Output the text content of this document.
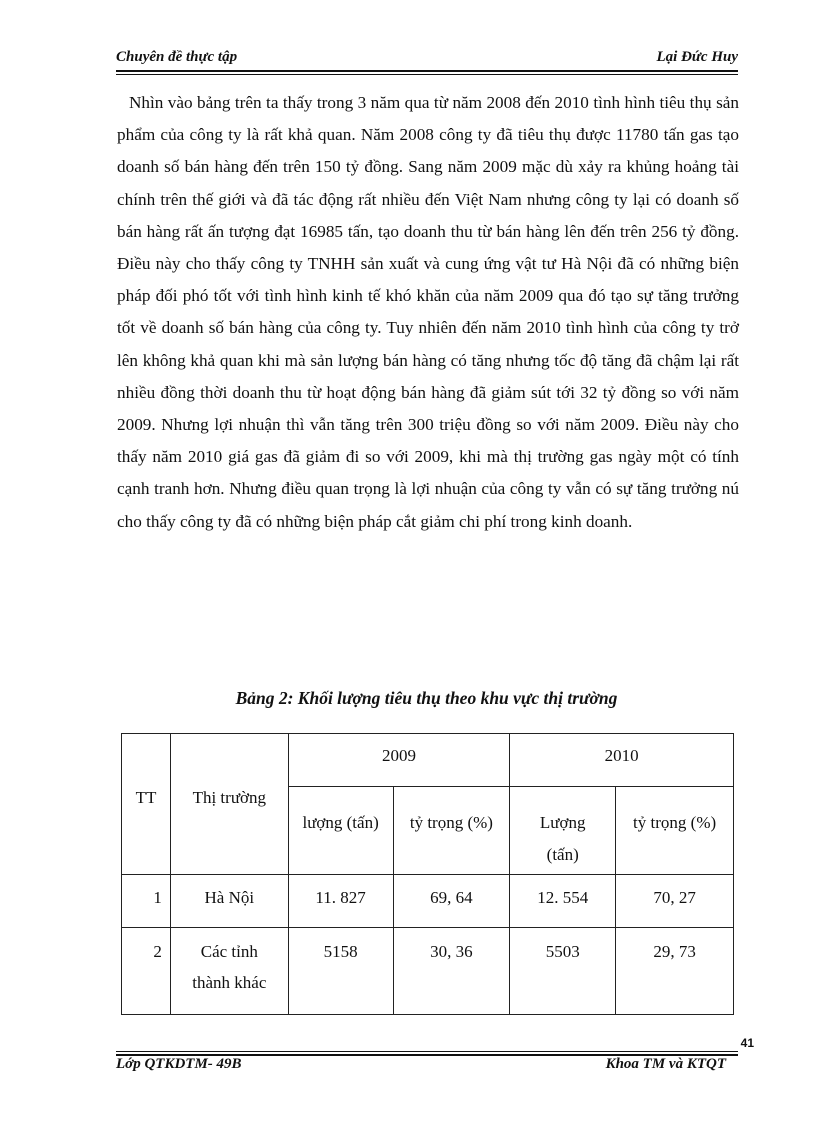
Chuyên đề thực tập	Lại Đức Huy

Nhìn vào bảng trên ta thấy trong 3 năm qua từ năm 2008 đến 2010 tình hình tiêu thụ sản phẩm của công ty là rất khả quan. Năm 2008 công ty đã tiêu thụ được 11780 tấn gas tạo doanh số bán hàng đến trên 150 tỷ đồng. Sang năm 2009 mặc dù xảy ra khủng hoảng tài chính trên thế giới và đã tác động rất nhiều đến Việt Nam nhưng công ty lại có doanh số bán hàng rất ấn tượng đạt 16985 tấn, tạo doanh thu từ bán hàng lên đến trên 256 tỷ đồng. Điều này cho thấy công ty TNHH sản xuất và cung ứng vật tư Hà Nội đã có những biện pháp đối phó tốt với tình hình kinh tế khó khăn của năm 2009 qua đó tạo sự tăng trưởng tốt về doanh số bán hàng của công ty. Tuy nhiên đến năm 2010 tình hình của công ty trở lên không khả quan khi mà sản lượng bán hàng có tăng nhưng tốc độ tăng đã chậm lại rất nhiều đồng thời doanh thu từ hoạt động bán hàng đã giảm sút tới 32 tỷ đồng so với năm 2009. Nhưng lợi nhuận thì vẫn tăng trên 300 triệu đồng so với năm 2009. Điều này cho thấy năm 2010 giá gas đã giảm đi so với 2009, khi mà thị trường gas ngày một có tính cạnh tranh hơn. Nhưng điều quan trọng là lợi nhuận của công ty vẫn có sự tăng trưởng nú cho thấy công ty đã có những biện pháp cắt giảm chi phí trong kinh doanh.

Bảng 2: Khối lượng tiêu thụ theo khu vực thị trường

TT	Thị trường	2009		2010	
		lượng (tấn)	tỷ trọng (%)	Lượng (tấn)	tỷ trọng (%)
1	Hà Nội	11. 827	69, 64	12. 554	70, 27
2	Các tỉnh thành khác	5158	30, 36	5503	29, 73
41
Lớp QTKDTM- 49B	Khoa TM và KTQT
